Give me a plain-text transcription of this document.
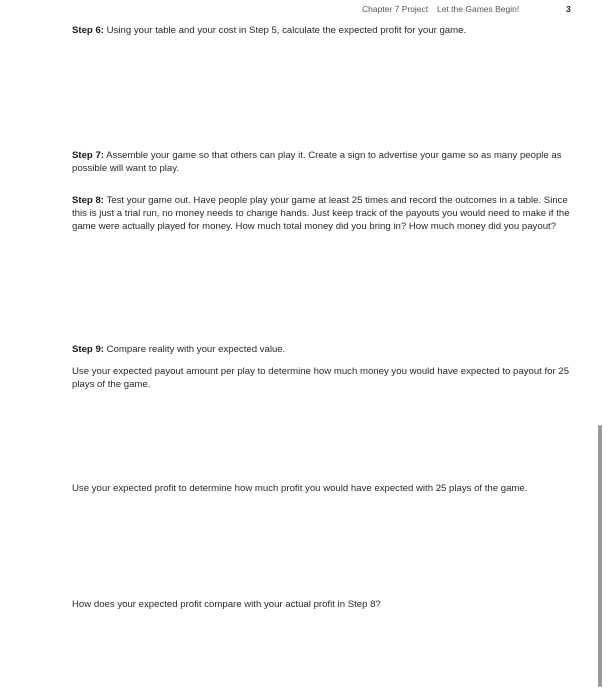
Chapter 7 Project Let the Games Begin!	3
Step 6: Using your table and your cost in Step 5, calculate the expected profit for your game.
Step 7: Assemble your game so that others can play it. Create a sign to advertise your game so as many people as possible will want to play.
Step 8: Test your game out. Have people play your game at least 25 times and record the outcomes in a table. Since this is just a trial run, no money needs to change hands. Just keep track of the payouts you would need to make if the game were actually played for money. How much total money did you bring in? How much money did you payout?
Step 9: Compare reality with your expected value.
Use your expected payout amount per play to determine how much money you would have expected to payout for 25 plays of the game.
Use your expected profit to determine how much profit you would have expected with 25 plays of the game.
How does your expected profit compare with your actual profit in Step 8?
